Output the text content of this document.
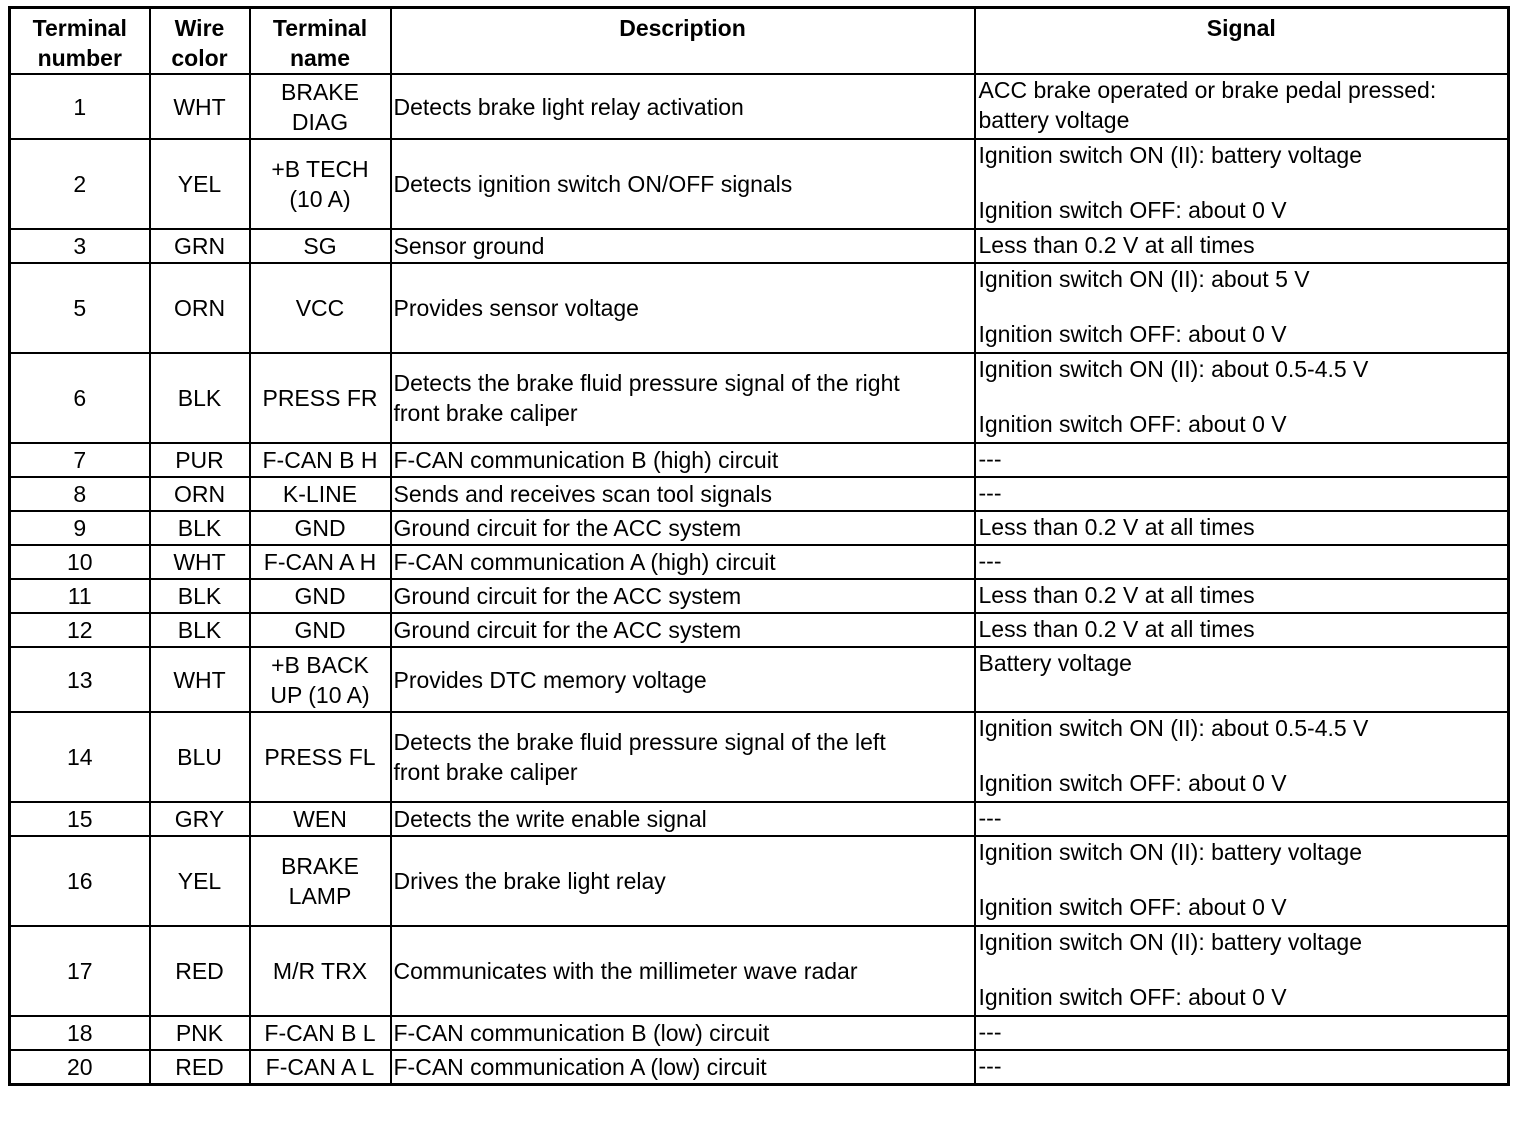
Terminal
number	Wire
color	Terminal
name	Description	Signal
1	WHT	BRAKE
DIAG	Detects brake light relay activation	ACC brake operated or brake pedal pressed:
battery voltage

2	YEL	+B TECH
(10 A)	Detects ignition switch ON/OFF signals	Ignition switch ON (II): battery voltage
Ignition switch OFF: about 0 V

3	GRN	SG	Sensor ground	Less than 0.2 V at all times

5	ORN	VCC	Provides sensor voltage	Ignition switch ON (II): about 5 V
Ignition switch OFF: about 0 V

6	BLK	PRESS FR	Detects the brake fluid pressure signal of the right
front brake caliper	Ignition switch ON (II): about 0.5-4.5 V
Ignition switch OFF: about 0 V

7	PUR	F-CAN B H	F-CAN communication B (high) circuit	---

8	ORN	K-LINE	Sends and receives scan tool signals	---

9	BLK	GND	Ground circuit for the ACC system	Less than 0.2 V at all times

10	WHT	F-CAN A H	F-CAN communication A (high) circuit	---

11	BLK	GND	Ground circuit for the ACC system	Less than 0.2 V at all times

12	BLK	GND	Ground circuit for the ACC system	Less than 0.2 V at all times

13	WHT	+B BACK
UP (10 A)	Provides DTC memory voltage	Battery voltage

14	BLU	PRESS FL	Detects the brake fluid pressure signal of the left
front brake caliper	Ignition switch ON (II): about 0.5-4.5 V
Ignition switch OFF: about 0 V

15	GRY	WEN	Detects the write enable signal	---

16	YEL	BRAKE
LAMP	Drives the brake light relay	Ignition switch ON (II): battery voltage
Ignition switch OFF: about 0 V

17	RED	M/R TRX	Communicates with the millimeter wave radar	Ignition switch ON (II): battery voltage
Ignition switch OFF: about 0 V

18	PNK	F-CAN B L	F-CAN communication B (low) circuit	---

20	RED	F-CAN A L	F-CAN communication A (low) circuit	---
